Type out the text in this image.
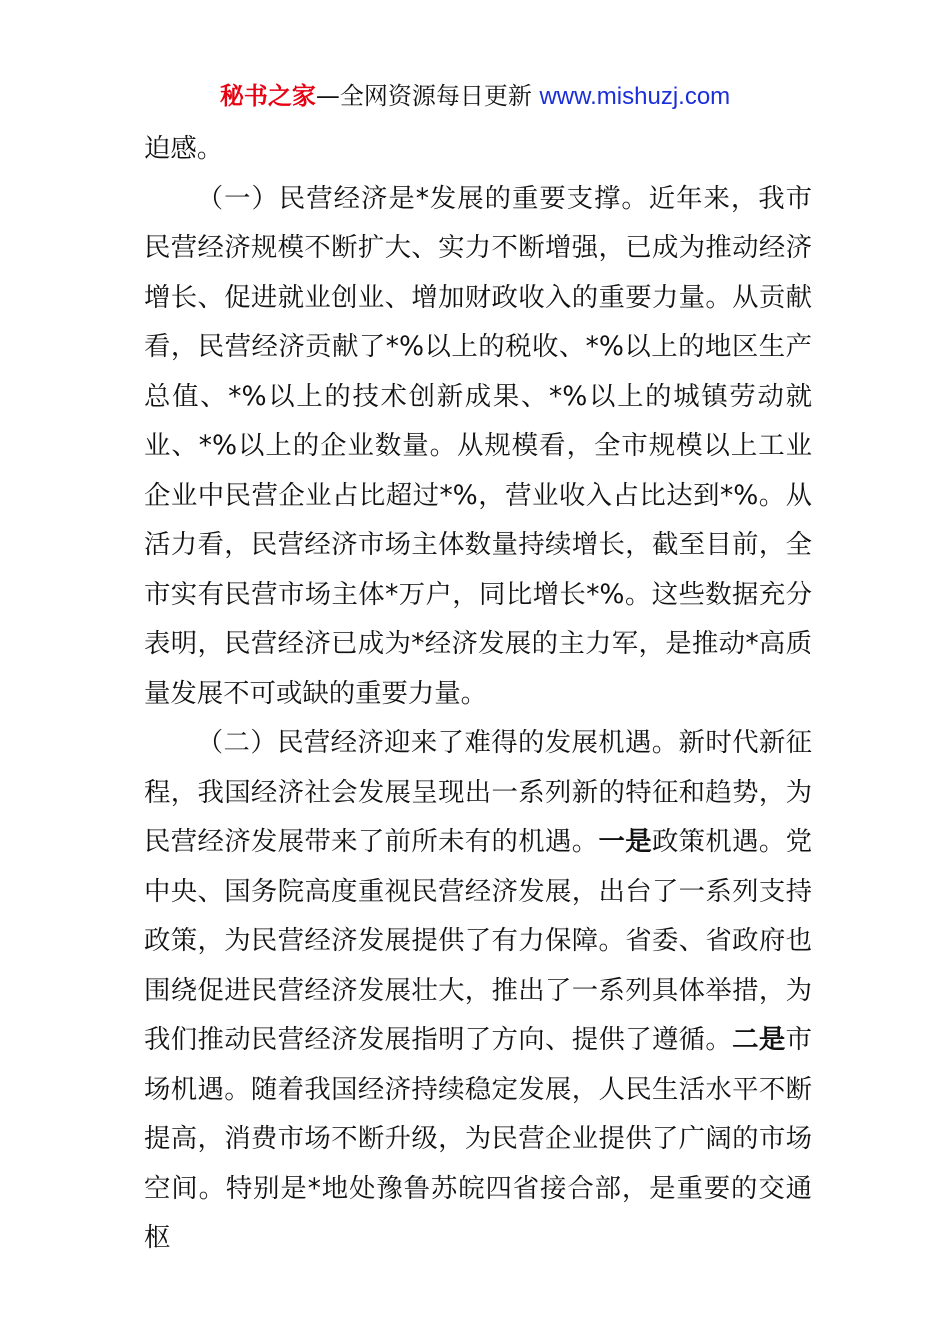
秘书之家—全网资源每日更新 www.mishuzj.com

迫感。

（一）民营经济是*发展的重要支撑。近年来，我市民营经济规模不断扩大、实力不断增强，已成为推动经济增长、促进就业创业、增加财政收入的重要力量。从贡献看，民营经济贡献了*%以上的税收、*%以上的地区生产总值、*%以上的技术创新成果、*%以上的城镇劳动就业、*%以上的企业数量。从规模看，全市规模以上工业企业中民营企业占比超过*%，营业收入占比达到*%。从活力看，民营经济市场主体数量持续增长，截至目前，全市实有民营市场主体*万户，同比增长*%。这些数据充分表明，民营经济已成为*经济发展的主力军，是推动*高质量发展不可或缺的重要力量。

（二）民营经济迎来了难得的发展机遇。新时代新征程，我国经济社会发展呈现出一系列新的特征和趋势，为民营经济发展带来了前所未有的机遇。一是政策机遇。党中央、国务院高度重视民营经济发展，出台了一系列支持政策，为民营经济发展提供了有力保障。省委、省政府也围绕促进民营经济发展壮大，推出了一系列具体举措，为我们推动民营经济发展指明了方向、提供了遵循。二是市场机遇。随着我国经济持续稳定发展，人民生活水平不断提高，消费市场不断升级，为民营企业提供了广阔的市场空间。特别是*地处豫鲁苏皖四省接合部，是重要的交通枢
